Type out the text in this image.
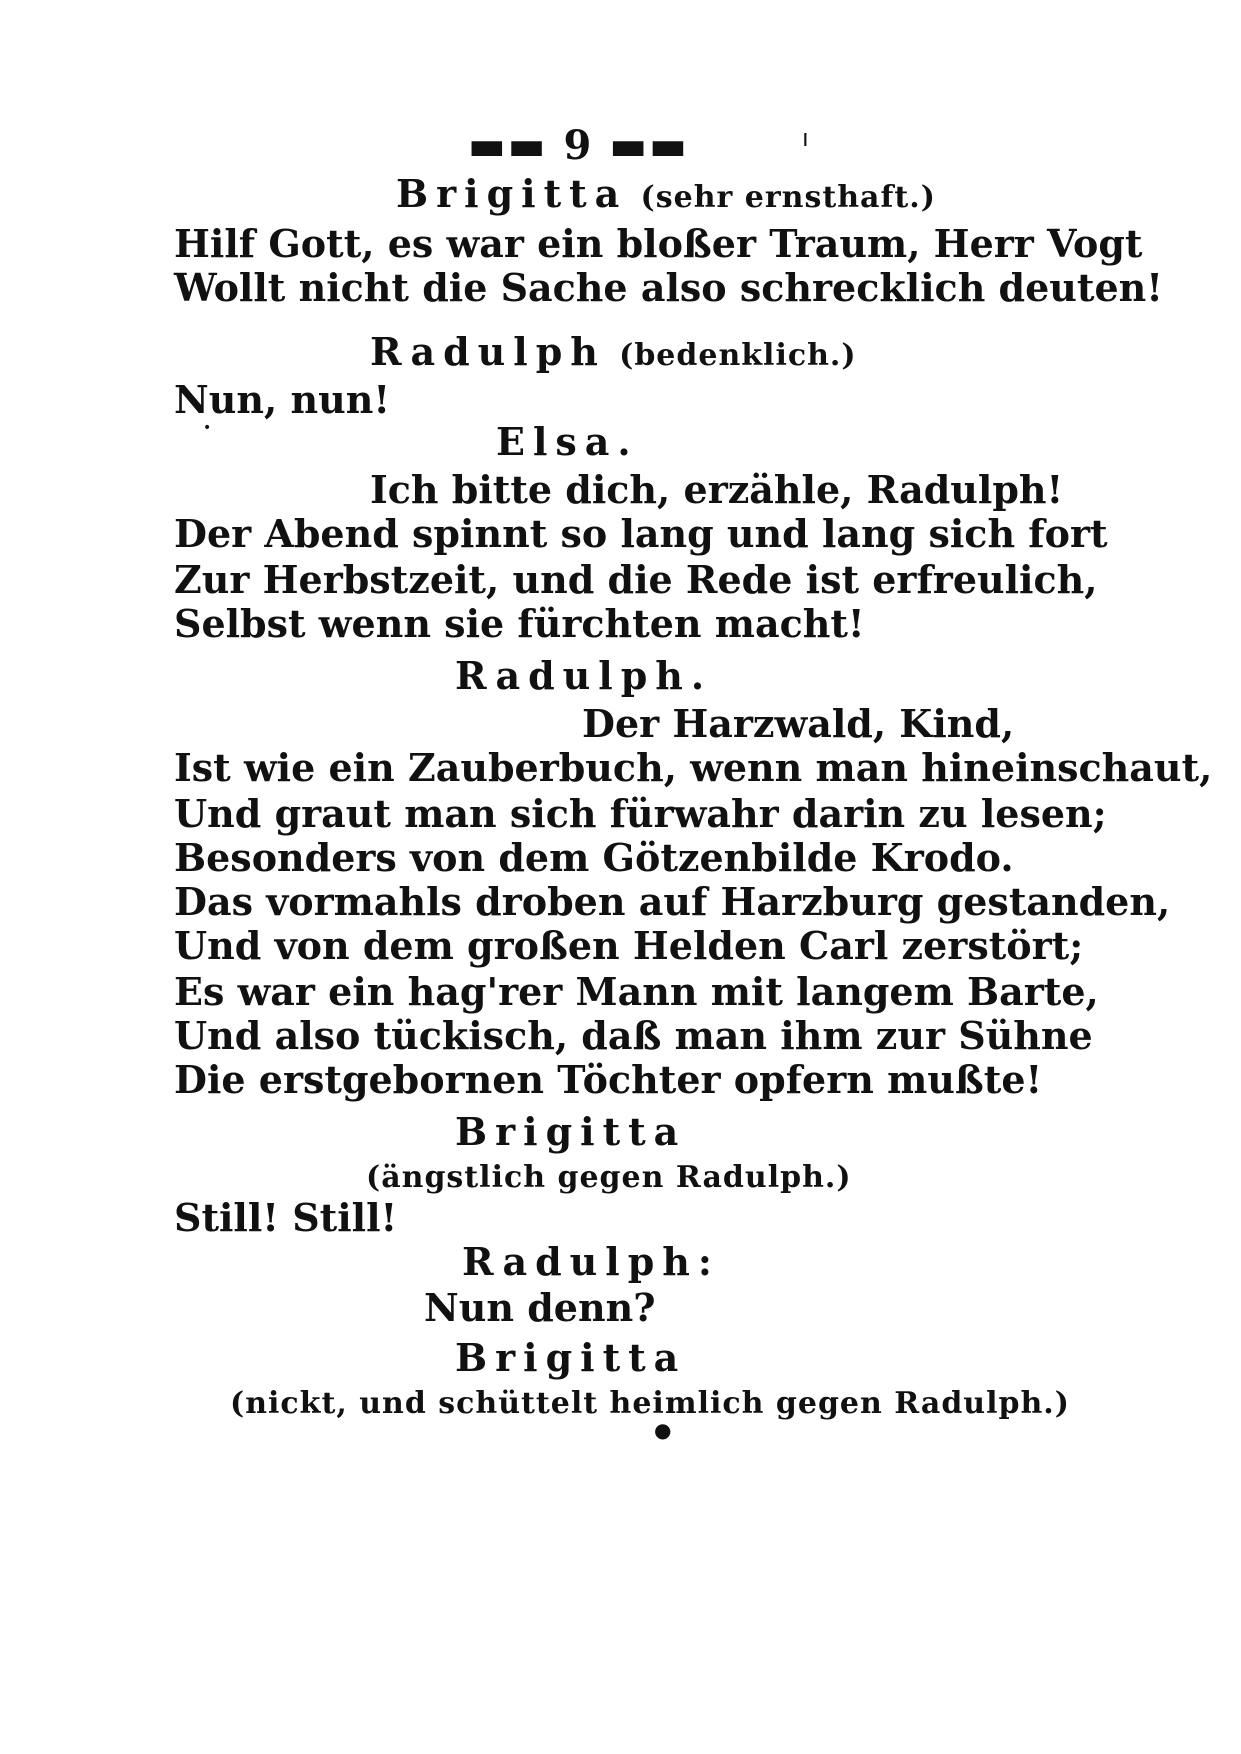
▬▬ 9 ▬▬
Brigitta (sehr ernsthaft.)
Hilf Gott, es war ein bloßer Traum, Herr Vogt
Wollt nicht die Sache also schrecklich deuten!
Radulph (bedenklich.)
Nun, nun!
Elsa.
Ich bitte dich, erzähle, Radulph!
Der Abend spinnt so lang und lang sich fort
Zur Herbstzeit, und die Rede ist erfreulich,
Selbst wenn sie fürchten macht!
Radulph.
Der Harzwald, Kind,
Ist wie ein Zauberbuch, wenn man hineinschaut,
Und graut man sich fürwahr darin zu lesen;
Besonders von dem Götzenbilde Krodo.
Das vormahls droben auf Harzburg gestanden,
Und von dem großen Helden Carl zerstört;
Es war ein hag'rer Mann mit langem Barte,
Und also tückisch, daß man ihm zur Sühne
Die erstgebornen Töchter opfern mußte!
Brigitta
(ängstlich gegen Radulph.)
Still! Still!
Radulph:
Nun denn?
Brigitta
(nickt, und schüttelt heimlich gegen Radulph.)
ı
•
●
